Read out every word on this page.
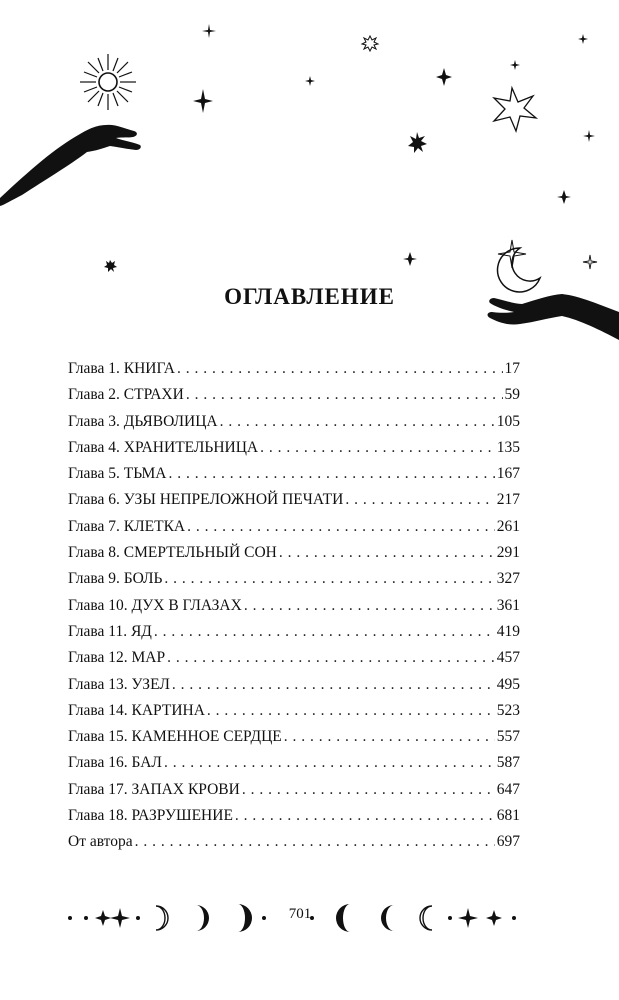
ОГЛАВЛЕНИЕ
Глава 1. КНИГА . . .	17
Глава 2. СТРАХИ . . .	59
Глава 3. ДЬЯВОЛИЦА . . .	105
Глава 4. ХРАНИТЕЛЬНИЦА . . .	135
Глава 5. ТЬМА . . .	167
Глава 6. УЗЫ НЕПРЕЛОЖНОЙ ПЕЧАТИ . . .	217
Глава 7. КЛЕТКА . . .	261
Глава 8. СМЕРТЕЛЬНЫЙ СОН . . .	291
Глава 9. БОЛЬ . . .	327
Глава 10. ДУХ В ГЛАЗАХ . . .	361
Глава 11. ЯД . . .	419
Глава 12. МАР . . .	457
Глава 13. УЗЕЛ . . .	495
Глава 14. КАРТИНА . . .	523
Глава 15. КАМЕННОЕ СЕРДЦЕ . . .	557
Глава 16. БАЛ . . .	587
Глава 17. ЗАПАХ КРОВИ . . .	647
Глава 18. РАЗРУШЕНИЕ . . .	681
От автора . . .	697
701
